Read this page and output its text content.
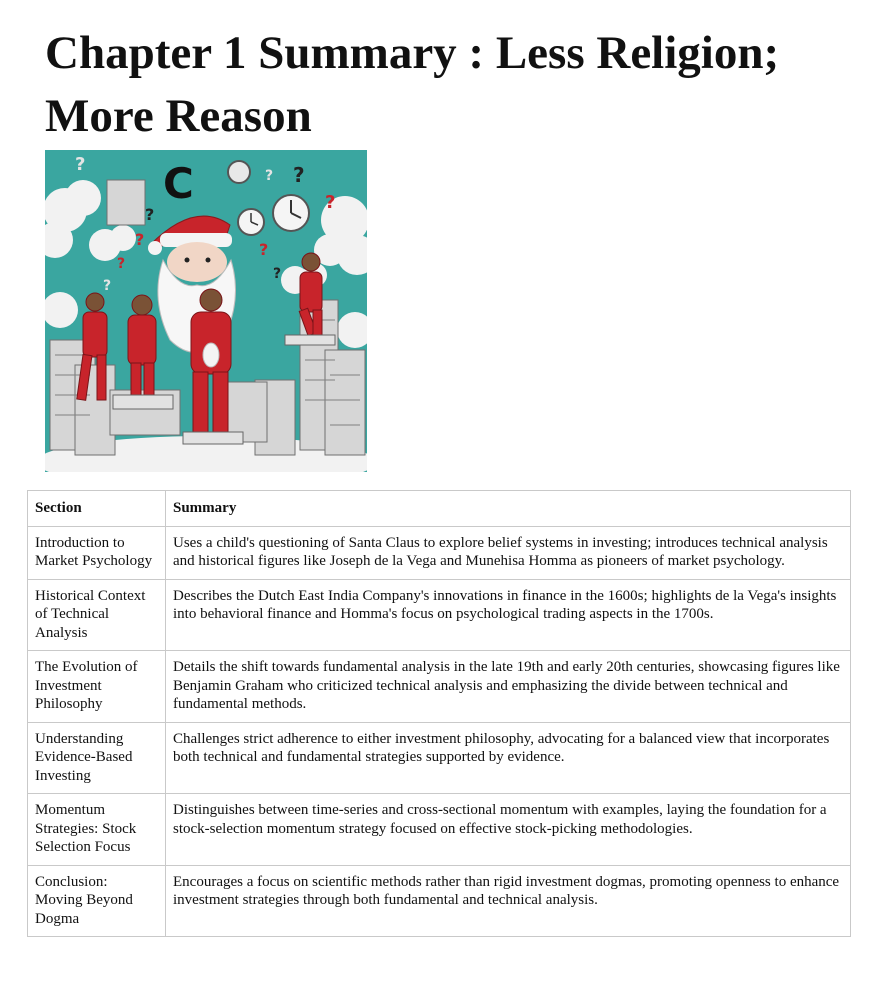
Chapter 1 Summary : Less Religion; More Reason
?
?
?
?
?
?
?
?
?
?
C
Section	Summary
Introduction to Market Psychology	Uses a child's questioning of Santa Claus to explore belief systems in investing; introduces technical analysis and historical figures like Joseph de la Vega and Munehisa Homma as pioneers of market psychology.
Historical Context of Technical Analysis	Describes the Dutch East India Company's innovations in finance in the 1600s; highlights de la Vega's insights into behavioral finance and Homma's focus on psychological trading aspects in the 1700s.
The Evolution of Investment Philosophy	Details the shift towards fundamental analysis in the late 19th and early 20th centuries, showcasing figures like Benjamin Graham who criticized technical analysis and emphasizing the divide between technical and fundamental methods.
Understanding Evidence-Based Investing	Challenges strict adherence to either investment philosophy, advocating for a balanced view that incorporates both technical and fundamental strategies supported by evidence.
Momentum Strategies: Stock Selection Focus	Distinguishes between time-series and cross-sectional momentum with examples, laying the foundation for a stock-selection momentum strategy focused on effective stock-picking methodologies.
Conclusion: Moving Beyond Dogma	Encourages a focus on scientific methods rather than rigid investment dogmas, promoting openness to enhance investment strategies through both fundamental and technical analysis.
